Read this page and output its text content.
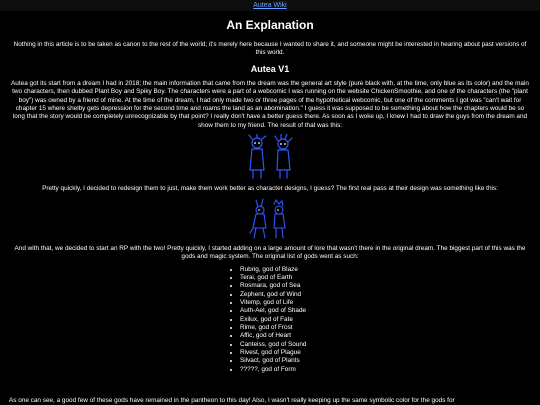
Autea Wiki
An Explanation

Nothing in this article is to be taken as canon to the rest of the world; it's merely here because I wanted to share it, and someone might be interested in hearing about past versions of this world.

Autea V1

Autea got its start from a dream I had in 2018; the main information that came from the dream was the general art style (pure black with, at the time, only blue as its color) and the main two characters, then dubbed Plant Boy and Spiky Boy. The characters were a part of a webcomic I was running on the website ChickenSmoothie, and one of the characters (the "plant boy") was owned by a friend of mine. At the time of the dream, I had only made two or three pages of the hypothetical webcomic, but one of the comments I got was "can't wait for chapter 15 where shelby gets depression for the second time and roams the land as an abomination." I guess it was supposed to be something about how the chapters would be so long that the story would be completely unrecognizable by that point? I really don't have a better guess there. As soon as I woke up, I knew I had to draw the guys from the dream and show them to my friend. The result of that was this:

Pretty quickly, I decided to redesign them to just, make them work better as character designs, I guess? The first real pass at their design was something like this:

And with that, we decided to start an RP with the two! Pretty quickly, I started adding on a large amount of lore that wasn't there in the original dream. The biggest part of this was the gods and magic system. The original list of gods went as such:

• Rubrig, god of Blaze
• Terai, god of Earth
• Rosmara, god of Sea
• Zephent, god of Wind
• Vitemp, god of Life
• Auth-Ael, god of Shade
• Exilux, god of Fate
• Rime, god of Frost
• Affic, god of Heart
• Canteiss, god of Sound
• Rivest, god of Plague
• Silvact, god of Plants
• ?????, god of Form
As one can see, a good few of these gods have remained in the pantheon to this day! Also, I wasn't really keeping up the same symbolic color for the gods for
